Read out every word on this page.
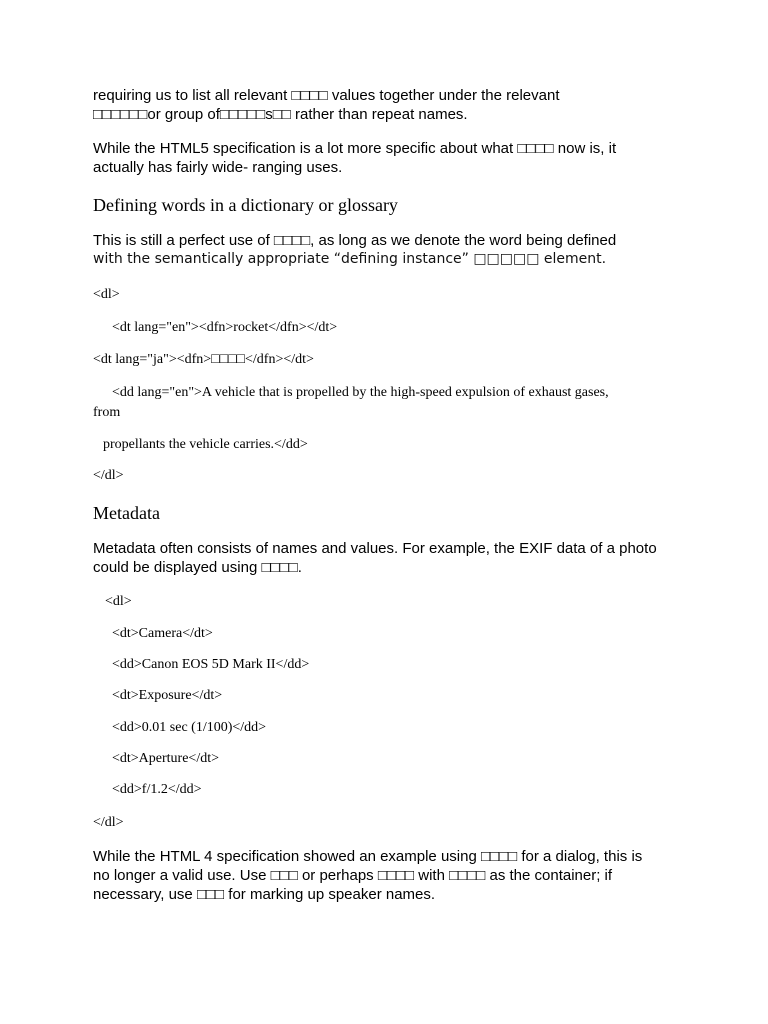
requiring us to list all relevant □□□□ values together under the relevant
□□□□□□or group of□□□□□s□□ rather than repeat names.
While the HTML5 specification is a lot more specific about what □□□□ now is, it
actually has fairly wide- ranging uses.
Defining words in a dictionary or glossary
This is still a perfect use of □□□□, as long as we denote the word being defined
with the semantically appropriate “defining instance” □□□□□ element.
<dl>
<dt lang="en"><dfn>rocket</dfn></dt>
<dt lang="ja"><dfn>□□□□</dfn></dt>
<dd lang="en">A vehicle that is propelled by the high-speed expulsion of exhaust gases,
from
propellants the vehicle carries.</dd>
</dl>
Metadata
Metadata often consists of names and values. For example, the EXIF data of a photo
could be displayed using □□□□.
<dl>
<dt>Camera</dt>
<dd>Canon EOS 5D Mark II</dd>
<dt>Exposure</dt>
<dd>0.01 sec (1/100)</dd>
<dt>Aperture</dt>
<dd>f/1.2</dd>
</dl>
While the HTML 4 specification showed an example using □□□□ for a dialog, this is
no longer a valid use. Use □□□ or perhaps □□□□ with □□□□ as the container; if
necessary, use □□□ for marking up speaker names.
